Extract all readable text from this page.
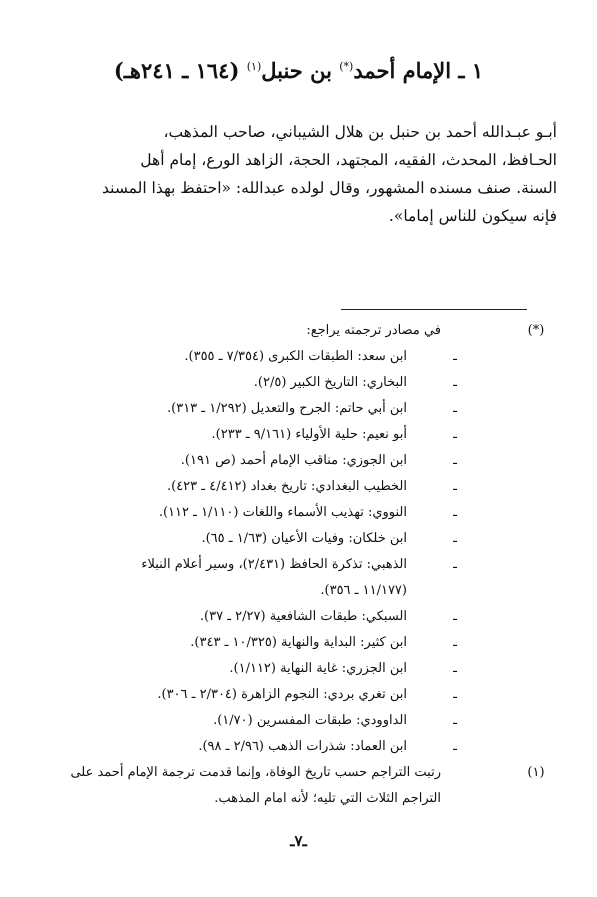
١ ـ الإمام أحمد(*) بن حنبل$^{(١)}$ (١٦٤ ـ ٢٤١هـ)
أبـو عبـدالله أحمد بن حنبل بن هلال الشيباني، صاحب المذهب،
الحـافظ، المحدث، الفقيه، المجتهد، الحجة، الزاهد الورع، إمام أهل
السنة. صنف مسنده المشهور، وقال لولده عبدالله: «احتفظ بهذا المسند
فإنه سيكون للناس إماما».
(*)
في مصادر ترجمته يراجع:
ـ
ابن سعد: الطبقات الكبرى (٧/٣٥٤ ـ ٣٥٥).
ـ
البخاري: التاريخ الكبير (٢/٥).
ـ
ابن أبي حاتم: الجرح والتعديل (١/٢٩٢ ـ ٣١٣).
ـ
أبو نعيم: حلية الأولياء (٩/١٦١ ـ ٢٣٣).
ـ
ابن الجوزي: مناقب الإمام أحمد (ص ١٩١).
ـ
الخطيب البغدادي: تاريخ بغداد (٤/٤١٢ ـ ٤٢٣).
ـ
النووي: تهذيب الأسماء واللغات (١/١١٠ ـ ١١٢).
ـ
ابن خلكان: وفيات الأعيان (١/٦٣ ـ ٦٥).
ـ
الذهبي: تذكرة الحافظ (٢/٤٣١)، وسير أعلام النبلاء
(١١/١٧٧ ـ ٣٥٦).
ـ
السبكي: طبقات الشافعية (٢/٢٧ ـ ٣٧).
ـ
ابن كثير: البداية والنهاية (١٠/٣٢٥ ـ ٣٤٣).
ـ
ابن الجزري: غاية النهاية (١/١١٢).
ـ
ابن تغري بردي: النجوم الزاهرة (٢/٣٠٤ ـ ٣٠٦).
ـ
الداوودي: طبقات المفسرين (١/٧٠).
ـ
ابن العماد: شذرات الذهب (٢/٩٦ ـ ٩٨).
(١)
رتبت التراجم حسب تاريخ الوفاة، وإنما قدمت ترجمة الإمام أحمد على
التراجم الثلاث التي تليه؛ لأنه امام المذهب.
ـ٧ـ
